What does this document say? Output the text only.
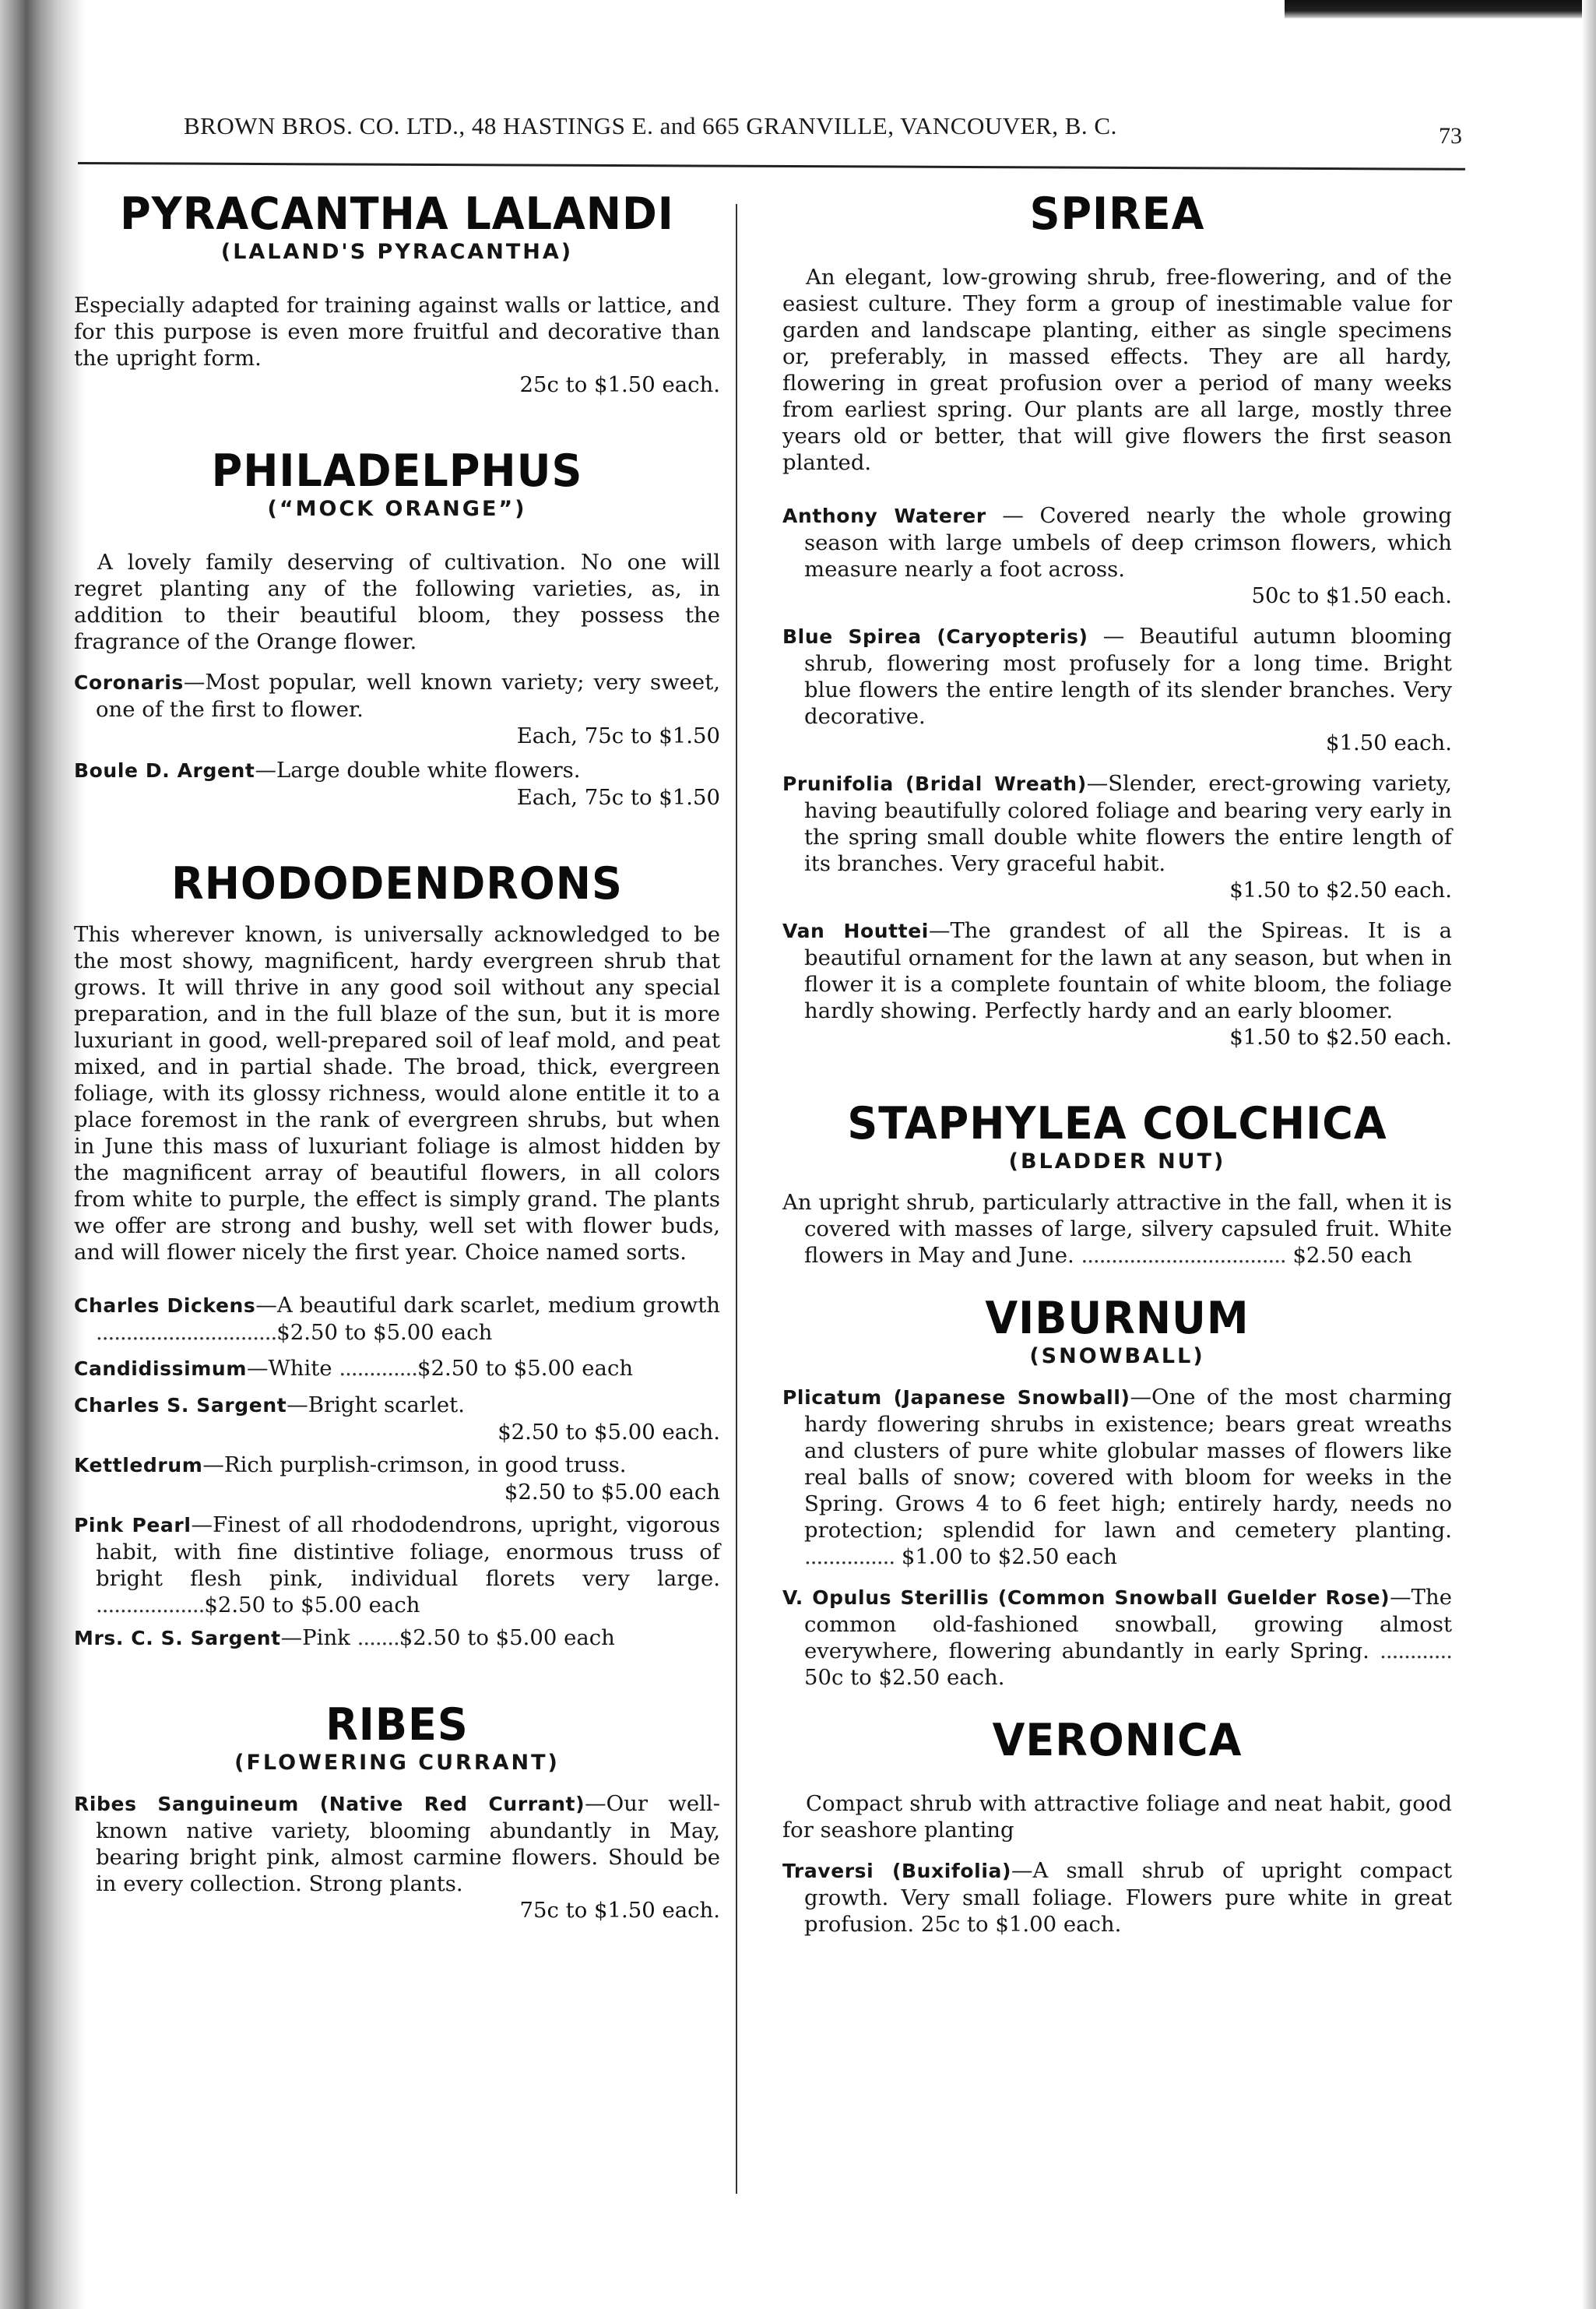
BROWN BROS. CO. LTD., 48 HASTINGS E. and 665 GRANVILLE, VANCOUVER, B. C.	73
PYRACANTHA LALANDI
(LALAND'S PYRACANTHA)

Especially adapted for training against walls or lattice, and for this purpose is even more fruitful and decorative than the upright form.

25c to $1.50 each.

PHILADELPHUS
(“MOCK ORANGE”)

A lovely family deserving of cultivation. No one will regret planting any of the following varieties, as, in addition to their beautiful bloom, they possess the fragrance of the Orange flower.

Coronaris—Most popular, well known variety; very sweet, one of the first to flower.

Each, 75c to $1.50

Boule D. Argent—Large double white flowers.

Each, 75c to $1.50

RHODODENDRONS

This wherever known, is universally acknowledged to be the most showy, magnificent, hardy evergreen shrub that grows. It will thrive in any good soil without any special preparation, and in the full blaze of the sun, but it is more luxuriant in good, well-prepared soil of leaf mold, and peat mixed, and in partial shade. The broad, thick, evergreen foliage, with its glossy richness, would alone entitle it to a place foremost in the rank of evergreen shrubs, but when in June this mass of luxuriant foliage is almost hidden by the magnificent array of beautiful flowers, in all colors from white to purple, the effect is simply grand. The plants we offer are strong and bushy, well set with flower buds, and will flower nicely the first year. Choice named sorts.

Charles Dickens—A beautiful dark scarlet, medium growth ..............................$2.50 to $5.00 each

Candidissimum—White .............$2.50 to $5.00 each

Charles S. Sargent—Bright scarlet.

$2.50 to $5.00 each.

Kettledrum—Rich purplish-crimson, in good truss.

$2.50 to $5.00 each

Pink Pearl—Finest of all rhododendrons, upright, vigorous habit, with fine distintive foliage, enormous truss of bright flesh pink, individual florets very large. ..................$2.50 to $5.00 each

Mrs. C. S. Sargent—Pink .......$2.50 to $5.00 each

RIBES
(FLOWERING CURRANT)

Ribes Sanguineum (Native Red Currant)—Our well-known native variety, blooming abundantly in May, bearing bright pink, almost carmine flowers. Should be in every collection. Strong plants.

75c to $1.50 each.

SPIREA

An elegant, low-growing shrub, free-flowering, and of the easiest culture. They form a group of inestimable value for garden and landscape planting, either as single specimens or, preferably, in massed effects. They are all hardy, flowering in great profusion over a period of many weeks from earliest spring. Our plants are all large, mostly three years old or better, that will give flowers the first season planted.

Anthony Waterer — Covered nearly the whole growing season with large umbels of deep crimson flowers, which measure nearly a foot across.

50c to $1.50 each.

Blue Spirea (Caryopteris) — Beautiful autumn blooming shrub, flowering most profusely for a long time. Bright blue flowers the entire length of its slender branches. Very decorative.

$1.50 each.

Prunifolia (Bridal Wreath)—Slender, erect-growing variety, having beautifully colored foliage and bearing very early in the spring small double white flowers the entire length of its branches. Very graceful habit.

$1.50 to $2.50 each.

Van Houttei—The grandest of all the Spireas. It is a beautiful ornament for the lawn at any season, but when in flower it is a complete fountain of white bloom, the foliage hardly showing. Perfectly hardy and an early bloomer.

$1.50 to $2.50 each.

STAPHYLEA COLCHICA
(BLADDER NUT)

An upright shrub, particularly attractive in the fall, when it is covered with masses of large, silvery capsuled fruit. White flowers in May and June. .................................. $2.50 each

VIBURNUM
(SNOWBALL)

Plicatum (Japanese Snowball)—One of the most charming hardy flowering shrubs in existence; bears great wreaths and clusters of pure white globular masses of flowers like real balls of snow; covered with bloom for weeks in the Spring. Grows 4 to 6 feet high; entirely hardy, needs no protection; splendid for lawn and cemetery planting. ............... $1.00 to $2.50 each

V. Opulus Sterillis (Common Snowball Guelder Rose)—The common old-fashioned snowball, growing almost everywhere, flowering abundantly in early Spring. ............ 50c to $2.50 each.

VERONICA

Compact shrub with attractive foliage and neat habit, good for seashore planting

Traversi (Buxifolia)—A small shrub of upright compact growth. Very small foliage. Flowers pure white in great profusion. 25c to $1.00 each.
